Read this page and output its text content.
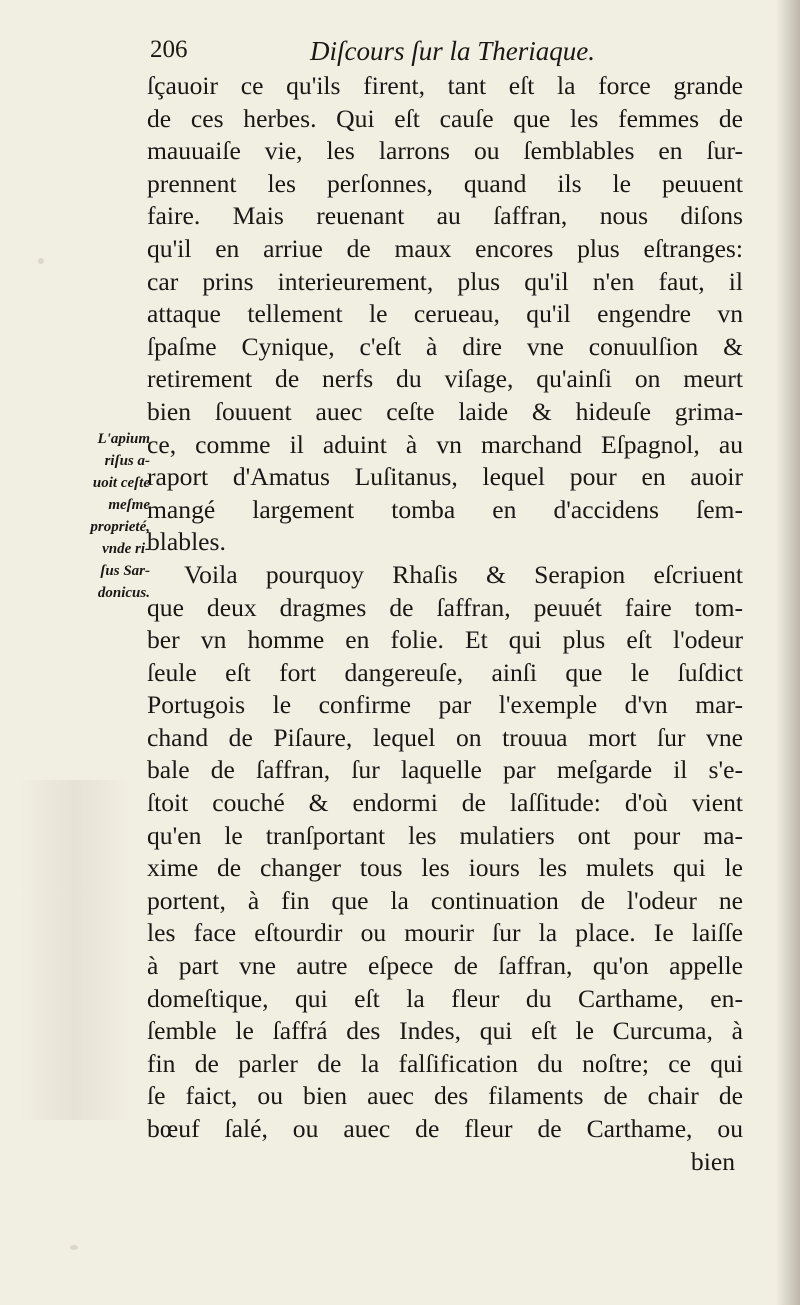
206	Diſcours ſur la Theriaque.
L'apium
riſus a-
uoit ceſte
meſme
proprieté,
vnde ri-
ſus Sar-
donicus.
ſçauoir ce qu'ils firent, tant eſt la force grande
de ces herbes. Qui eſt cauſe que les femmes de
mauuaiſe vie, les larrons ou ſemblables en ſur-
prennent les perſonnes, quand ils le peuuent
faire. Mais reuenant au ſaffran, nous diſons
qu'il en arriue de maux encores plus eſtranges:
car prins interieurement, plus qu'il n'en faut, il
attaque tellement le cerueau, qu'il engendre vn
ſpaſme Cynique, c'eſt à dire vne conuulſion &
retirement de nerfs du viſage, qu'ainſi on meurt
bien ſouuent auec ceſte laide & hideuſe grima-
ce, comme il aduint à vn marchand Eſpagnol, au
raport d'Amatus Luſitanus, lequel pour en auoir
mangé largement tomba en d'accidens ſem-
blables.
Voila pourquoy Rhaſis & Serapion eſcriuent
que deux dragmes de ſaffran, peuuét faire tom-
ber vn homme en folie. Et qui plus eſt l'odeur
ſeule eſt fort dangereuſe, ainſi que le ſuſdict
Portugois le confirme par l'exemple d'vn mar-
chand de Piſaure, lequel on trouua mort ſur vne
bale de ſaffran, ſur laquelle par meſgarde il s'e-
ſtoit couché & endormi de laſſitude: d'où vient
qu'en le tranſportant les mulatiers ont pour ma-
xime de changer tous les iours les mulets qui le
portent, à fin que la continuation de l'odeur ne
les face eſtourdir ou mourir ſur la place. Ie laiſſe
à part vne autre eſpece de ſaffran, qu'on appelle
domeſtique, qui eſt la fleur du Carthame, en-
ſemble le ſaffrá des Indes, qui eſt le Curcuma, à
fin de parler de la falſification du noſtre; ce qui
ſe faict, ou bien auec des filaments de chair de
bœuf ſalé, ou auec de fleur de Carthame, ou
bien
